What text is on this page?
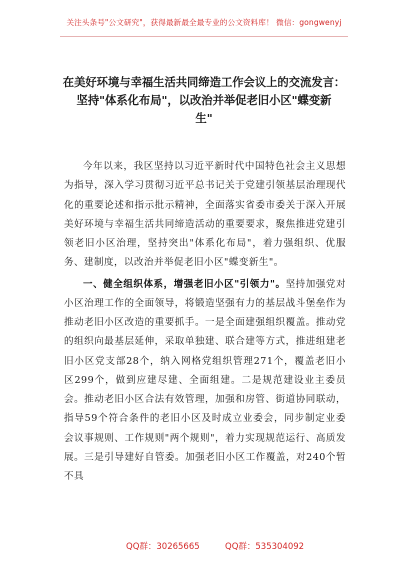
关注头条号"公文研究"，获得最新最全最专业的公文资料库！ 微信：gongwenyj
在美好环境与幸福生活共同缔造工作会议上的交流发言：
坚持"体系化布局"，以改治并举促老旧小区"蝶变新
生"

今年以来，我区坚持以习近平新时代中国特色社会主义思想为指导，深入学习贯彻习近平总书记关于党建引领基层治理现代化的重要论述和指示批示精神，全面落实省委市委关于深入开展美好环境与幸福生活共同缔造活动的重要要求，聚焦推进党建引领老旧小区治理，坚持突出"体系化布局"，着力强组织、优服务、建制度，以改治并举促老旧小区"蝶变新生"。

一、健全组织体系，增强老旧小区"引领力"。坚持加强党对小区治理工作的全面领导，将锻造坚强有力的基层战斗堡垒作为推动老旧小区改造的重要抓手。一是全面建强组织覆盖。推动党的组织向最基层延伸，采取单独建、联合建等方式，推进组建老旧小区党支部28个，纳入网格党组织管理271个，覆盖老旧小区299个，做到应建尽建、全面组建。二是规范建设业主委员会。推动老旧小区合法有效管理，加强和房管、街道协同联动，指导59个符合条件的老旧小区及时成立业委会，同步制定业委会议事规则、工作规则"两个规则"，着力实现规范运行、高质发展。三是引导建好自管委。加强老旧小区工作覆盖，对240个暂不具

QQ群：30265665	QQ群：535304092
